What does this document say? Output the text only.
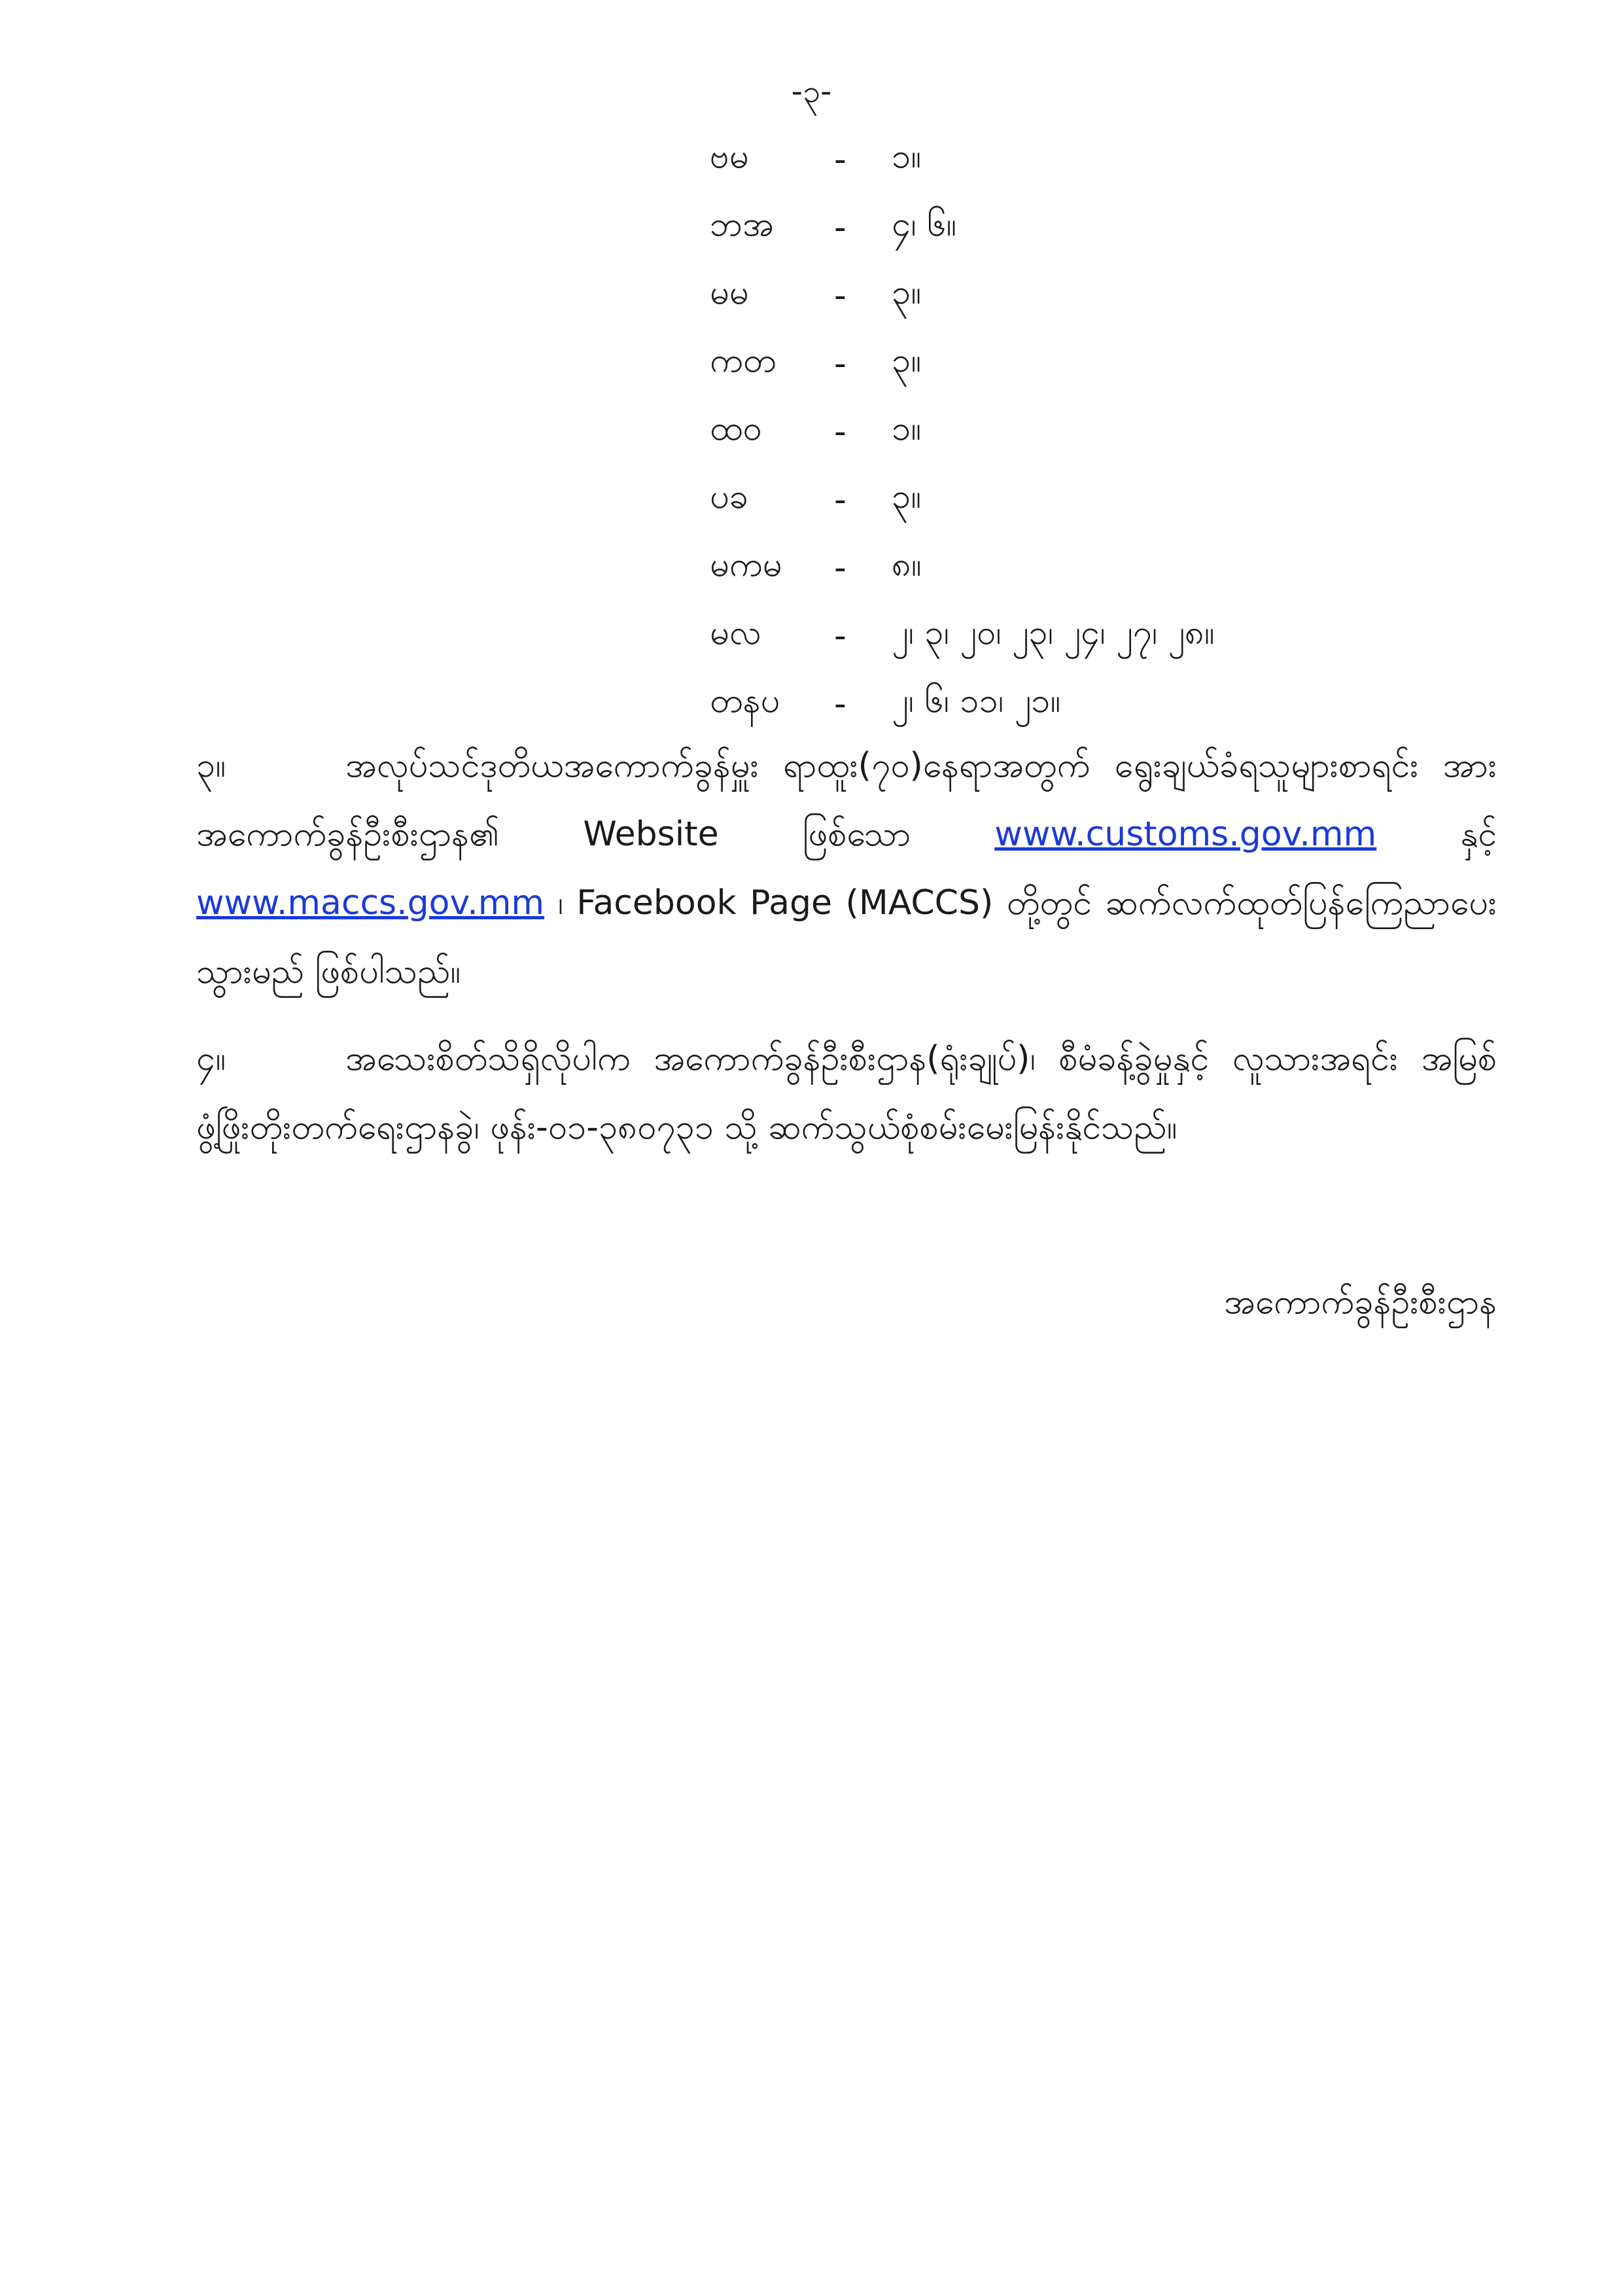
-၃-
ဗမ	-	၁။
ဘအ	-	၄၊ ၆။
မမ	-	၃။
ကတ	-	၃။
ထဝ	-	၁။
ပခ	-	၃။
မကမ	-	၈။
မလ	-	၂၊ ၃၊ ၂၀၊ ၂၃၊ ၂၄၊ ၂၇၊ ၂၈။
တနပ	-	၂၊ ၆၊ ၁၁၊ ၂၁။
၃။	အလုပ်သင်ဒုတိယအကောက်ခွန်မှူး ရာထူး(၇၀)နေရာအတွက် ရွေးချယ်ခံရသူများစာရင်း အား အကောက်ခွန်ဦးစီးဌာန၏ Website ဖြစ်သော www.customs.gov.mm နှင့် www.maccs.gov.mm ၊ Facebook Page (MACCS) တို့တွင် ဆက်လက်ထုတ်ပြန်ကြေညာပေး သွားမည် ဖြစ်ပါသည်။
၄။	အသေးစိတ်သိရှိလိုပါက အကောက်ခွန်ဦးစီးဌာန(ရုံးချုပ်)၊ စီမံခန့်ခွဲမှုနှင့် လူသားအရင်း အမြစ်ဖွံ့ဖြိုးတိုးတက်ရေးဌာနခွဲ၊ ဖုန်း-၀၁-၃၈၀၇၃၁ သို့ ဆက်သွယ်စုံစမ်းမေးမြန်းနိုင်သည်။
အကောက်ခွန်ဦးစီးဌာန
